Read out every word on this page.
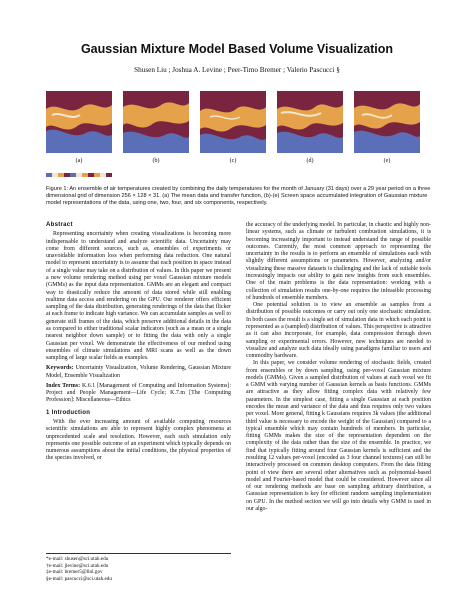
Gaussian Mixture Model Based Volume Visualization
Shusen Liu ; Joshua A. Levine ; Peer-Timo Bremer ; Valerio Pascucci §
(a)	(b)	(c)	(d)	(e)
Figure 1: An ensemble of air temperatures created by combining the daily temperatures for the month of January (31 days) over a 29 year period on a three dimensional grid of dimension 256 × 128 × 31. (a) The mean data and transfer function, (b)-(e) Screen space accumulated integration of Gaussian mixture model representations of the data, using one, two, four, and six components, respectively.
Abstract

Representing uncertainty when creating visualizations is becoming more indispensable to understand and analyze scientific data. Uncertainty may come from different sources, such as, ensembles of experiments or unavoidable information loss when performing data reduction. One natural model to represent uncertainty is to assume that each position in space instead of a single value may take on a distribution of values. In this paper we present a new volume rendering method using per voxel Gaussian mixture models (GMMs) as the input data representation. GMMs are an elegant and compact way to drastically reduce the amount of data stored while still enabling realtime data access and rendering on the GPU. Our renderer offers efficient sampling of the data distribution, generating renderings of the data that flicker at each frame to indicate high variance. We can accumulate samples as well to generate still frames of the data, which preserve additional details in the data as compared to either traditional scalar indicators (such as a mean or a single nearest neighbor down sample) or to fitting the data with only a single Gaussian per voxel. We demonstrate the effectiveness of our method using ensembles of climate simulations and MRI scans as well as the down sampling of large scalar fields as examples.

Keywords: Uncertainty Visualization, Volume Rendering, Gaussian Mixture Model, Ensemble Visualization

Index Terms: K.6.1 [Management of Computing and Information Systems]: Project and People Management—Life Cycle; K.7.m [The Computing Profession]: Miscellaneous—Ethics

1 Introduction

With the ever increasing amount of available computing resources scientific simulations are able to represent highly complex phenomena at unprecedented scale and resolution. However, each such simulation only represents one possible outcome of an experiment which typically depends on numerous assumptions about the initial conditions, the physical properties of the species involved, or

*e-mail: shusen@sci.utah.edu

†e-mail: jlevine@sci.utah.edu

‡e-mail: bremer5@llnl.gov

§e-mail: pascucci@sci.utah.edu

the accuracy of the underlying model. In particular, in chaotic and highly non-linear systems, such as climate or turbulent combustion simulations, it is becoming increasingly important to instead understand the range of possible outcomes. Currently, the most common approach to representing the uncertainty in the results is to perform an ensemble of simulations each with slightly different assumptions or parameters. However, analyzing and/or visualizing these massive datasets is challenging and the lack of suitable tools increasingly impacts our ability to gain new insights from such ensembles. One of the main problems is the data representation: working with a collection of simulation results one-by-one requires the infeasible processing of hundreds of ensemble members.

One potential solution is to view an ensemble as samples from a distribution of possible outcomes or carry out only one stochastic simulation. In both cases the result is a single set of simulation data in which each point is represented as a (sampled) distribution of values. This perspective is attractive as it can also incorporate, for example, data compression through down sampling or experimental errors. However, new techniques are needed to visualize and analyze such data ideally using paradigms familiar to users and commodity hardware.

In this paper, we consider volume rendering of stochastic fields, created from ensembles or by down sampling, using per-voxel Gaussian mixture models (GMMs). Given a sampled distribution of values at each voxel we fit a GMM with varying number of Gaussian kernels as basis functions. GMMs are attractive as they allow fitting complex data with relatively few parameters. In the simplest case, fitting a single Gaussian at each position encodes the mean and variance of the data and thus requires only two values per voxel. More general, fitting k Gaussians requires 3k values (the additional third value is necessary to encode the weight of the Gaussian) compared to a typical ensemble which may contain hundreds of members. In particular, fitting GMMs makes the size of the representation dependent on the complexity of the data rather than the size of the ensemble. In practice, we find that typically fitting around four Gaussian kernels is sufficient and the resulting 12 values per-voxel (encoded as 3 four channel textures) can still be interactively processed on common desktop computers. From the data fitting point of view there are several other alternatives such as polynomial-based model and Fourier-based model that could be considered. However since all of our rendering methods are base on sampling arbitrary distribution, a Gaussian representation is key for efficient random sampling implementation on GPU. In the method section we will go into details why GMM is used in our algo-
